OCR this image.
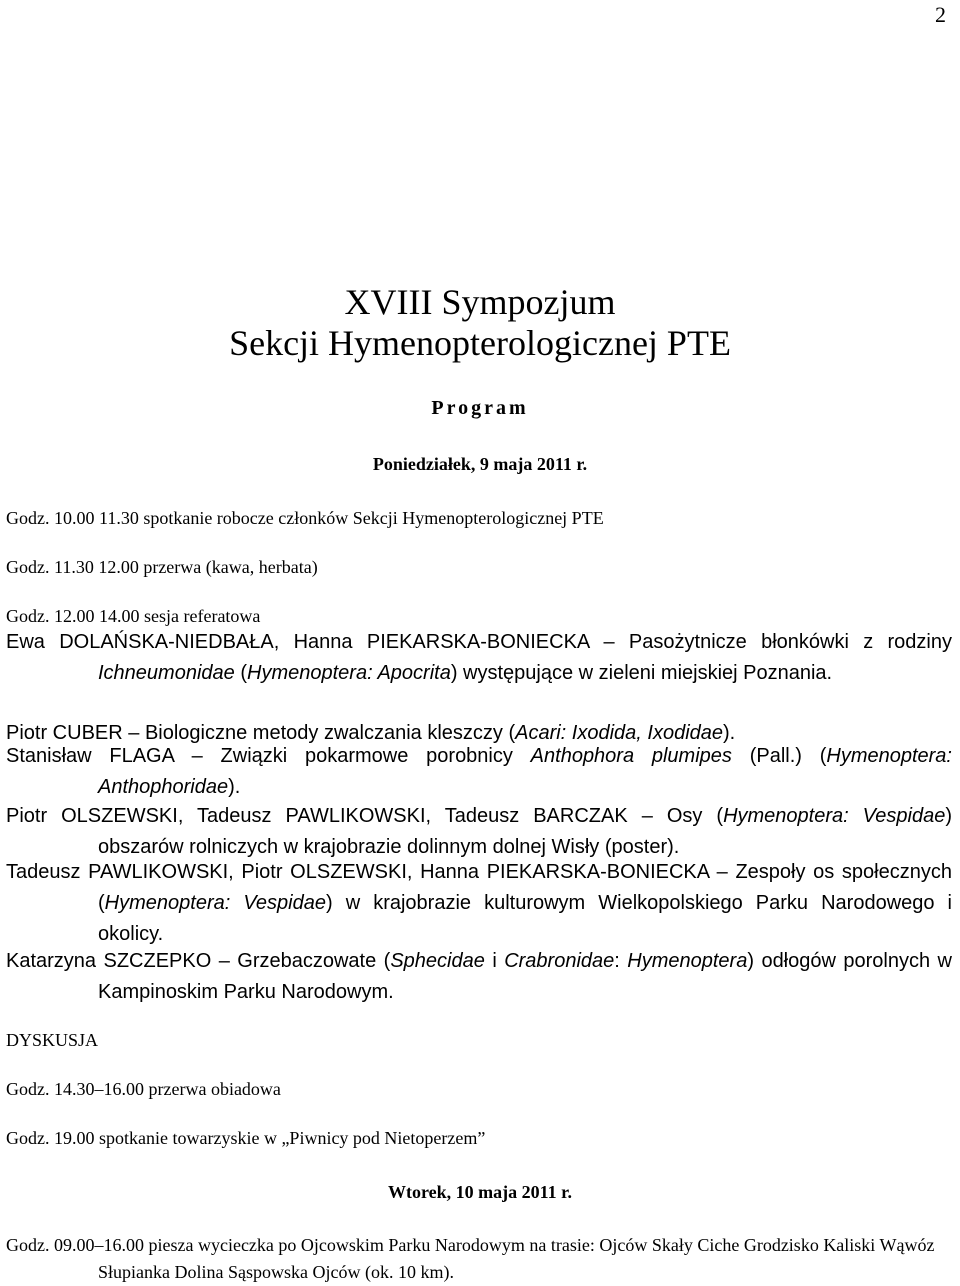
2
XVIII Sympozjum
Sekcji Hymenopterologicznej PTE
Program
Poniedziałek, 9 maja 2011 r.
Godz. 10.00 11.30 spotkanie robocze członków Sekcji Hymenopterologicznej PTE
Godz. 11.30 12.00 przerwa (kawa, herbata)
Godz. 12.00 14.00 sesja referatowa
Ewa DOLAŃSKA-NIEDBAŁA, Hanna PIEKARSKA-BONIECKA – Pasożytnicze błonkówki z rodziny Ichneumonidae (Hymenoptera: Apocrita) występujące w zieleni miejskiej Poznania.
Piotr CUBER – Biologiczne metody zwalczania kleszczy (Acari: Ixodida, Ixodidae).
Stanisław FLAGA – Związki pokarmowe porobnicy Anthophora plumipes (Pall.) (Hymenoptera: Anthophoridae).
Piotr OLSZEWSKI, Tadeusz PAWLIKOWSKI, Tadeusz BARCZAK – Osy (Hymenoptera: Vespidae) obszarów rolniczych w krajobrazie dolinnym dolnej Wisły (poster).
Tadeusz PAWLIKOWSKI, Piotr OLSZEWSKI, Hanna PIEKARSKA-BONIECKA – Zespoły os społecznych (Hymenoptera: Vespidae) w krajobrazie kulturowym Wielkopolskiego Parku Narodowego i okolicy.
Katarzyna SZCZEPKO – Grzebaczowate (Sphecidae i Crabronidae: Hymenoptera) odłogów porolnych w Kampinoskim Parku Narodowym.
DYSKUSJA
Godz. 14.30–16.00 przerwa obiadowa
Godz. 19.00 spotkanie towarzyskie w „Piwnicy pod Nietoperzem”
Wtorek, 10 maja 2011 r.
Godz. 09.00–16.00 piesza wycieczka po Ojcowskim Parku Narodowym na trasie: Ojców Skały Ciche Grodzisko Kaliski Wąwóz Słupianka Dolina Sąspowska Ojców (ok. 10 km).
